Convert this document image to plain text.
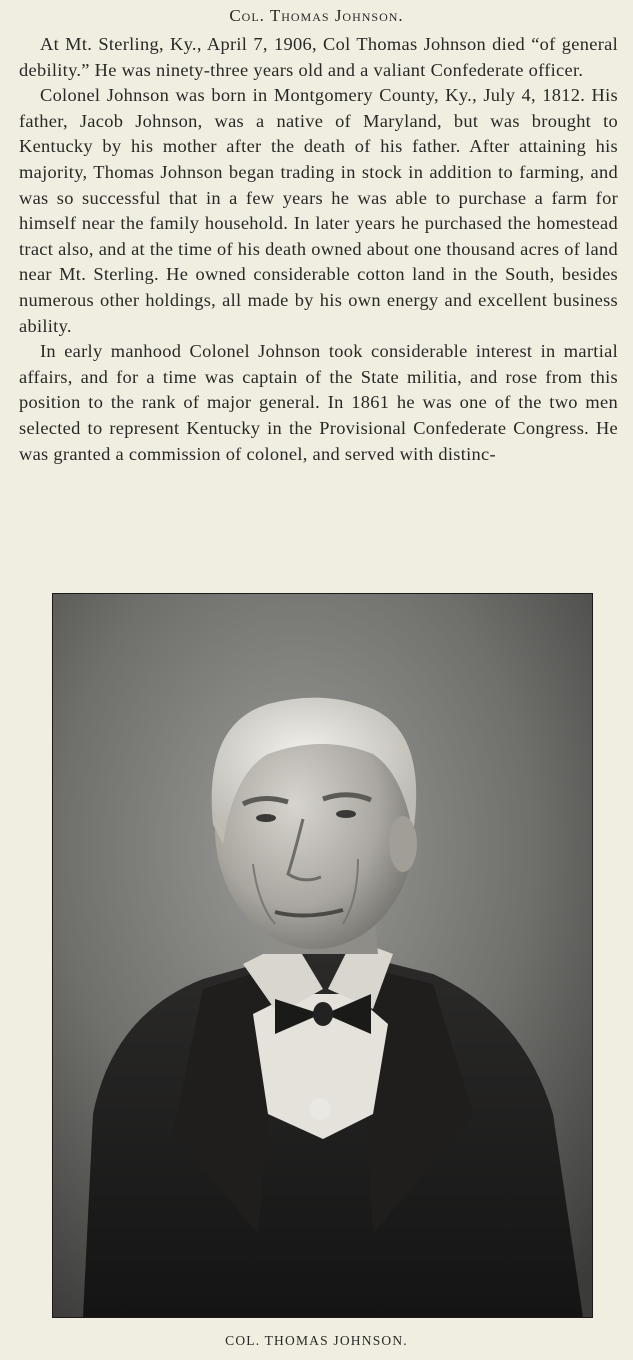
Col. Thomas Johnson.

At Mt. Sterling, Ky., April 7, 1906, Col Thomas Johnson died “of general debility.” He was ninety-three years old and a valiant Confederate officer.

Colonel Johnson was born in Montgomery County, Ky., July 4, 1812. His father, Jacob Johnson, was a native of Maryland, but was brought to Kentucky by his mother after the death of his father. After attaining his majority, Thomas Johnson began trading in stock in addition to farming, and was so successful that in a few years he was able to purchase a farm for himself near the family household. In later years he purchased the homestead tract also, and at the time of his death owned about one thousand acres of land near Mt. Sterling. He owned considerable cotton land in the South, besides numerous other holdings, all made by his own energy and excellent business ability.

In early manhood Colonel Johnson took considerable interest in martial affairs, and for a time was captain of the State militia, and rose from this position to the rank of major general. In 1861 he was one of the two men selected to represent Kentucky in the Provisional Confederate Congress. He was granted a commission of colonel, and served with distinc-

COL. THOMAS JOHNSON.
